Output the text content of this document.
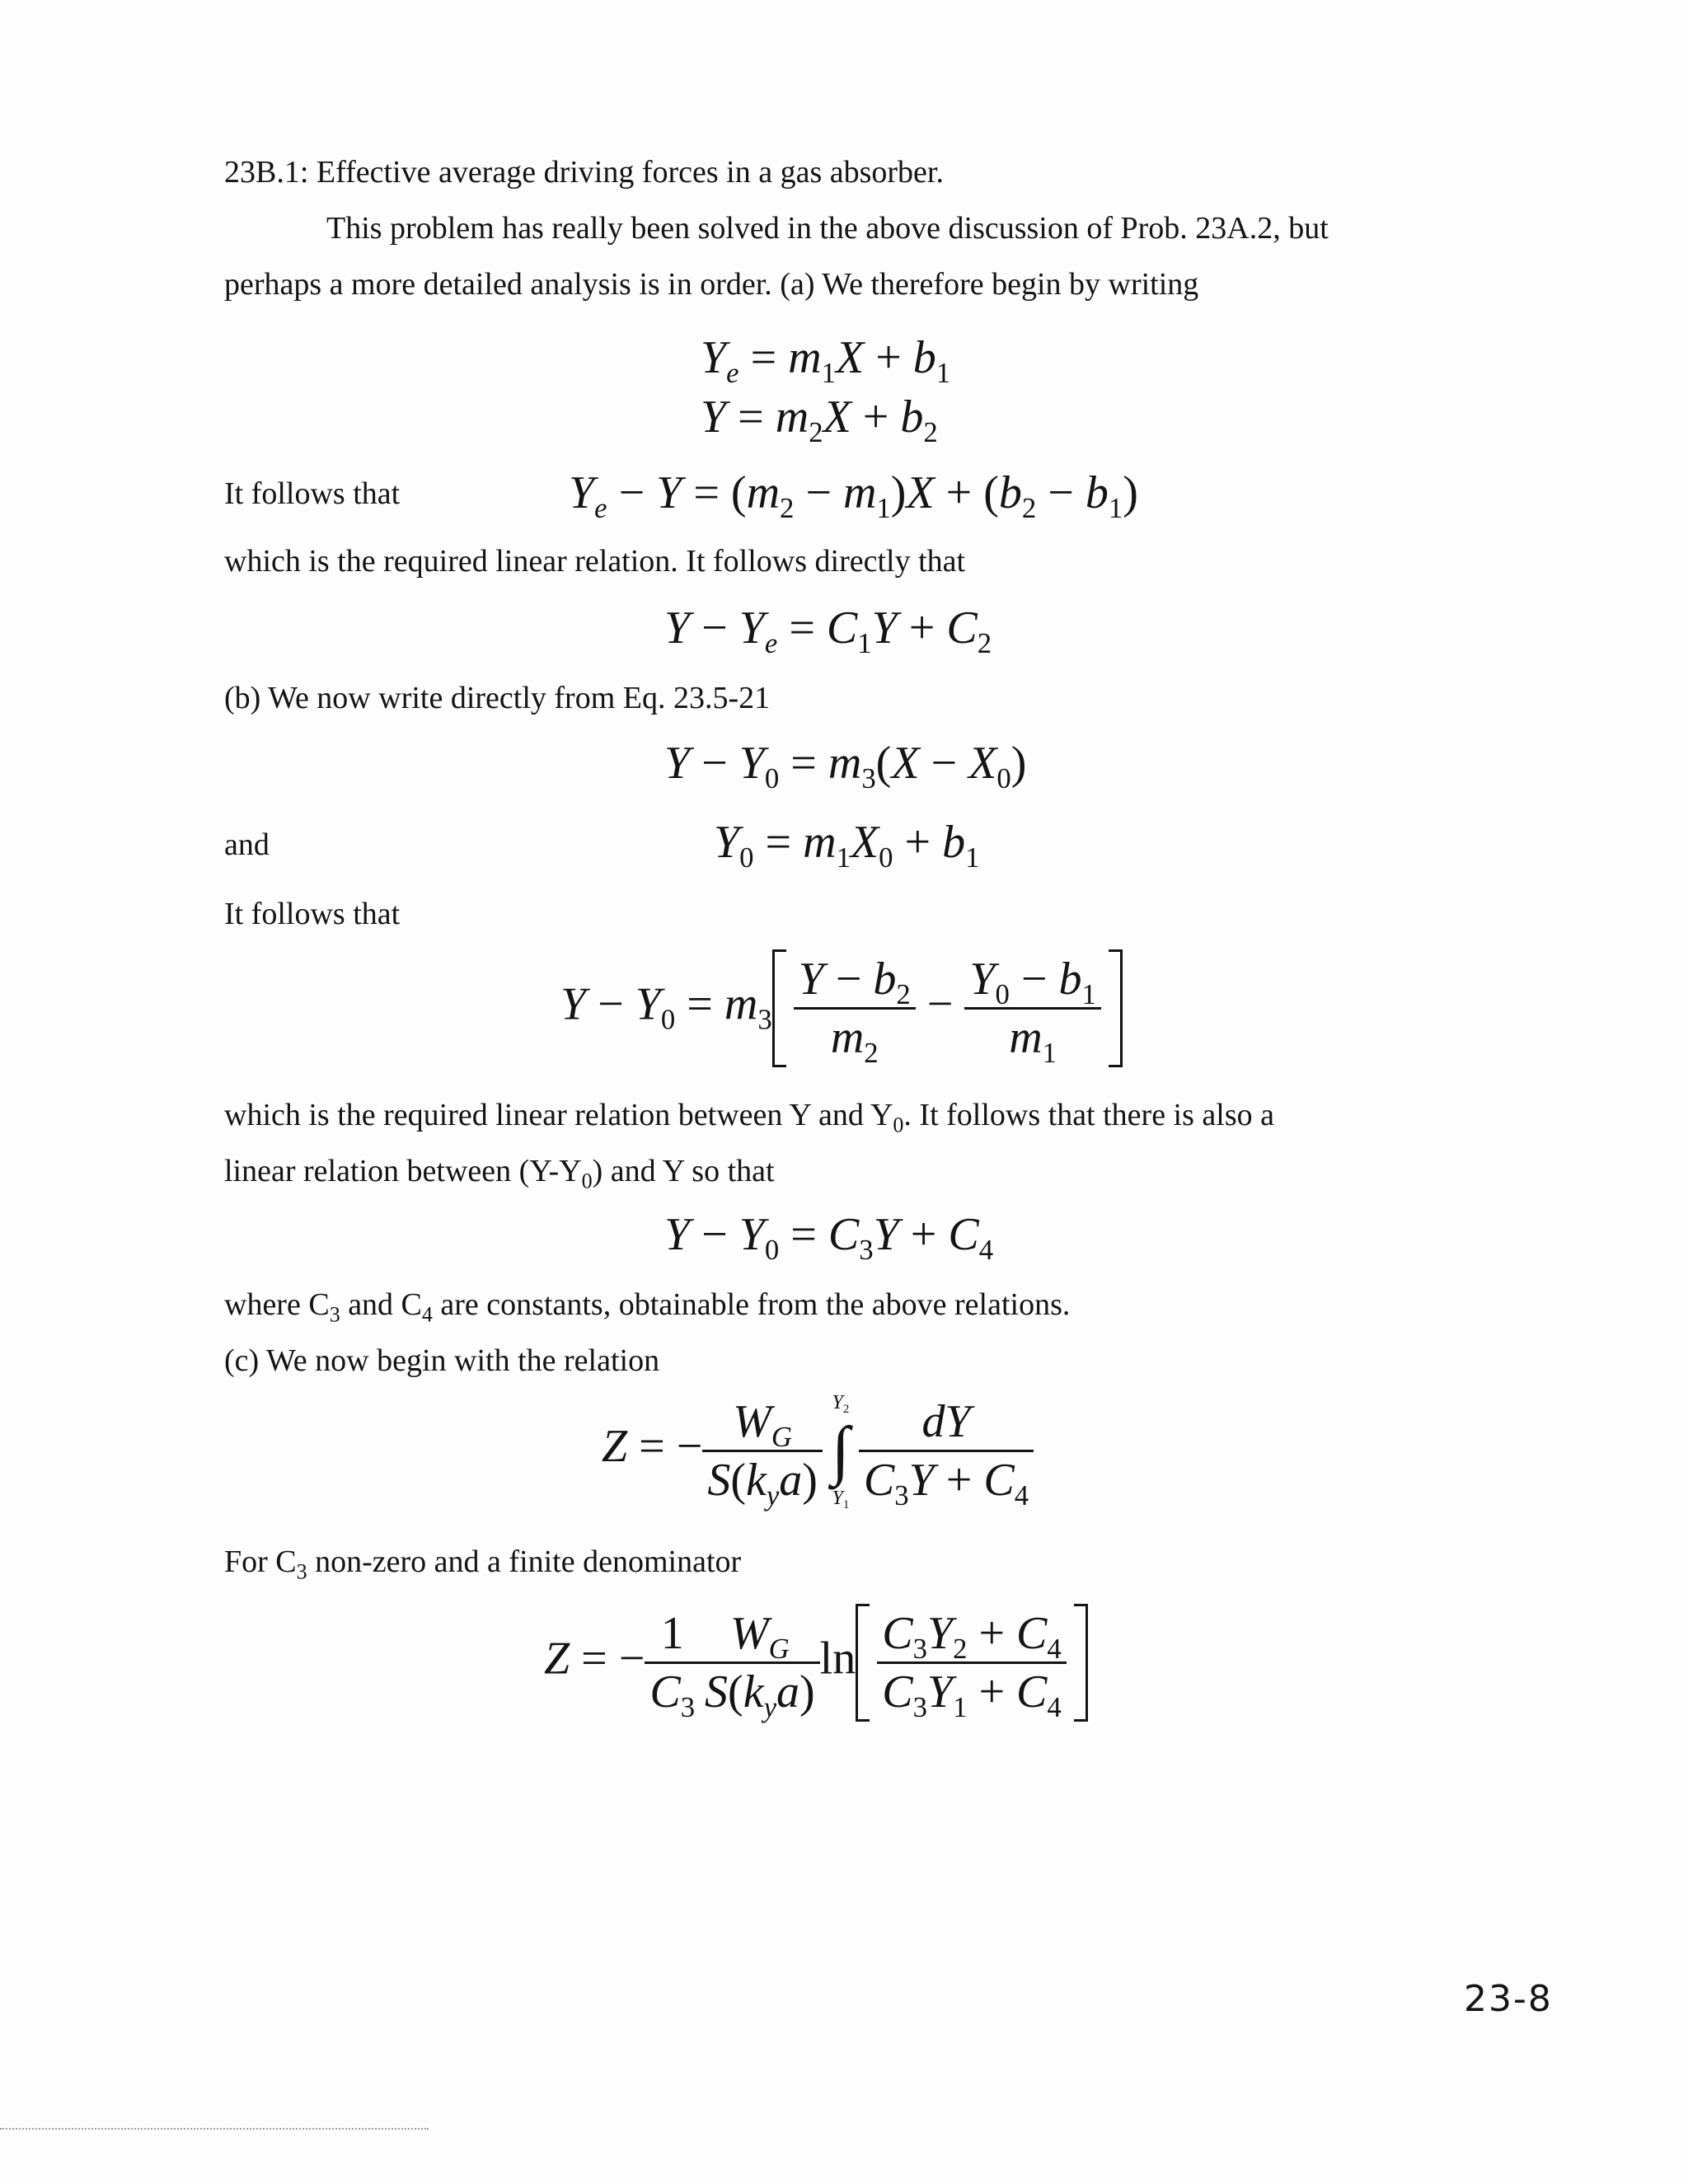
23B.1: Effective average driving forces in a gas absorber.
This problem has really been solved in the above discussion of Prob. 23A.2, but
perhaps a more detailed analysis is in order. (a) We therefore begin by writing
$Y_e = m_1X + b_1$
$Y = m_2X + b_2$
It follows that	$Y_e - Y = (m_2 - m_1)X + (b_2 - b_1)$
which is the required linear relation. It follows directly that
$Y - Y_e = C_1Y + C_2$
(b) We now write directly from Eq. 23.5-21
$Y - Y_0 = m_3(X - X_0)$
and	$Y_0 = m_1X_0 + b_1$
It follows that
$Y - Y_0 = m_3 \frac{Y - b_2}{m_2} - \frac{Y_0 - b_1}{m_1}$
which is the required linear relation between Y and $Y_0$. It follows that there is also a
linear relation between $(Y-Y_0)$ and Y so that
$Y - Y_0 = C_3Y + C_4$
where $C_3$ and $C_4$ are constants, obtainable from the above relations.
(c) We now begin with the relation
Z = − $\frac{W_G}{S(k_ya)} Y_2$
∫
$Y_1 \frac{dY}{C_3Y + C_4}$
For $C_3$ non-zero and a finite denominator
Z = − $\frac{1}{C_3} \frac{W_G}{S(k_ya)}$ $\ln \frac{C_3Y_2 + C_4}{C_3Y_1 + C_4}$
23-8
